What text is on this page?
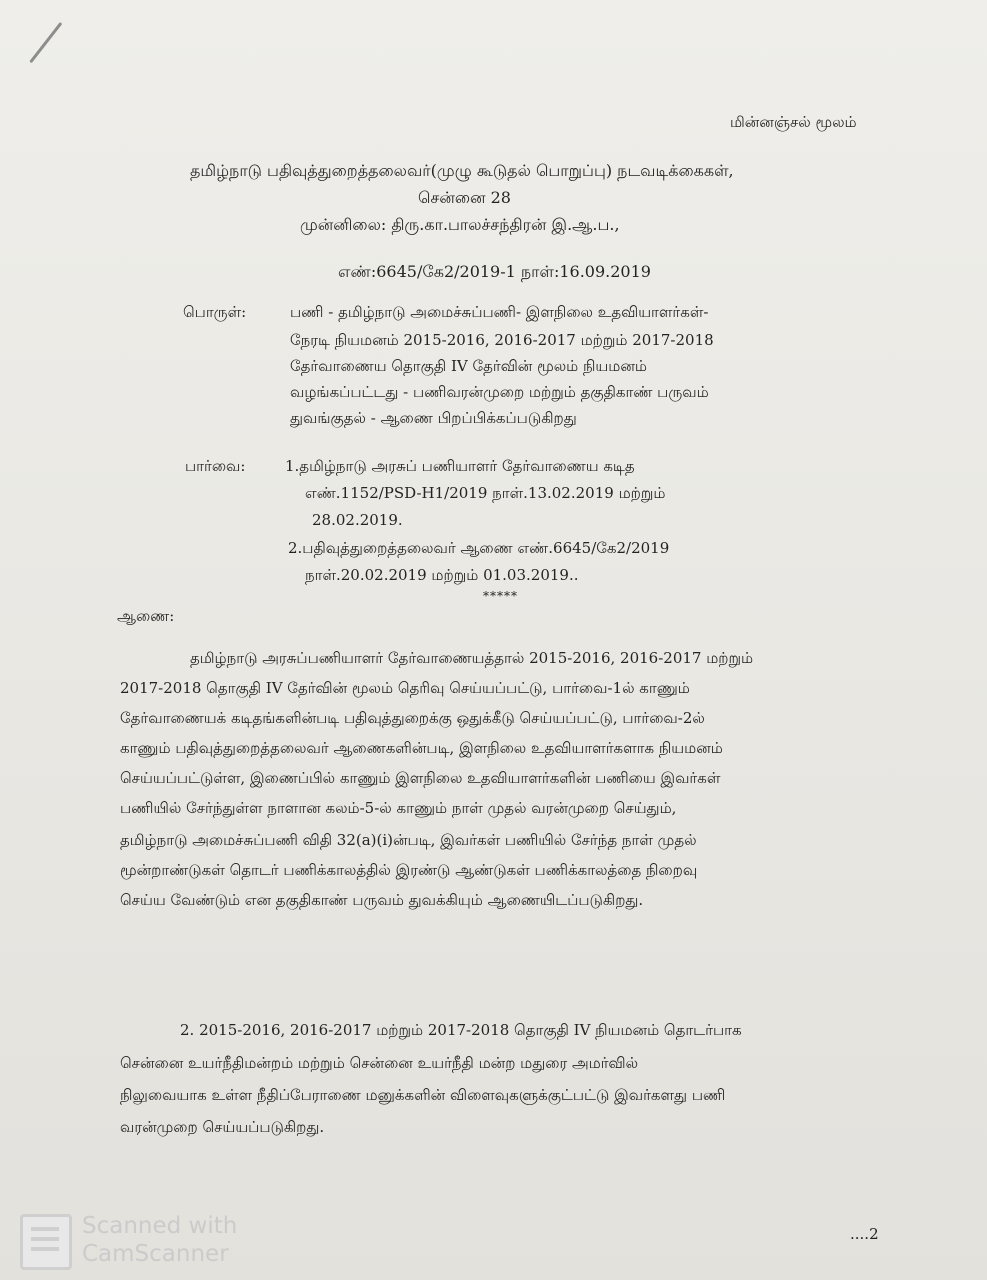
மின்னஞ்சல் மூலம்
தமிழ்நாடு பதிவுத்துறைத்தலைவர்(முழு கூடுதல் பொறுப்பு) நடவடிக்கைகள்,
சென்னை 28
முன்னிலை: திரு.கா.பாலச்சந்திரன் இ.ஆ.ப.,
எண்:6645/கே2/2019-1 நாள்:16.09.2019
பொருள்:	பணி - தமிழ்நாடு அமைச்சுப்பணி- இளநிலை உதவியாளர்கள்-
நேரடி நியமனம் 2015-2016, 2016-2017 மற்றும் 2017-2018
தேர்வாணைய தொகுதி IV தேர்வின் மூலம் நியமனம்
வழங்கப்பட்டது - பணிவரன்முறை மற்றும் தகுதிகாண் பருவம்
துவங்குதல் - ஆணை பிறப்பிக்கப்படுகிறது
பார்வை:	1.தமிழ்நாடு அரசுப் பணியாளர் தேர்வாணைய கடித
எண்.1152/PSD-H1/2019 நாள்.13.02.2019 மற்றும்
28.02.2019.
2.பதிவுத்துறைத்தலைவர் ஆணை எண்.6645/கே2/2019
நாள்.20.02.2019 மற்றும் 01.03.2019..
*****
ஆணை:
தமிழ்நாடு அரசுப்பணியாளர் தேர்வாணையத்தால் 2015-2016, 2016-2017 மற்றும்
2017-2018 தொகுதி IV தேர்வின் மூலம் தெரிவு செய்யப்பட்டு, பார்வை-1ல் காணும்
தேர்வாணையக் கடிதங்களின்படி பதிவுத்துறைக்கு ஒதுக்கீடு செய்யப்பட்டு, பார்வை-2ல்
காணும் பதிவுத்துறைத்தலைவர் ஆணைகளின்படி, இளநிலை உதவியாளர்களாக நியமனம்
செய்யப்பட்டுள்ள, இணைப்பில் காணும் இளநிலை உதவியாளர்களின் பணியை இவர்கள்
பணியில் சேர்ந்துள்ள நாளான கலம்-5-ல் காணும் நாள் முதல் வரன்முறை செய்தும்,
தமிழ்நாடு அமைச்சுப்பணி விதி 32(a)(i)ன்படி, இவர்கள் பணியில் சேர்ந்த நாள் முதல்
மூன்றாண்டுகள் தொடர் பணிக்காலத்தில் இரண்டு ஆண்டுகள் பணிக்காலத்தை நிறைவு
செய்ய வேண்டும் என தகுதிகாண் பருவம் துவக்கியும் ஆணையிடப்படுகிறது.
2. 2015-2016, 2016-2017 மற்றும் 2017-2018 தொகுதி IV நியமனம் தொடர்பாக
சென்னை உயர்நீதிமன்றம் மற்றும் சென்னை உயர்நீதி மன்ற மதுரை அமர்வில்
நிலுவையாக உள்ள நீதிப்பேராணை மனுக்களின் விளைவுகளுக்குட்பட்டு இவர்களது பணி
வரன்முறை செய்யப்படுகிறது.
Scanned with
CamScanner
....2
